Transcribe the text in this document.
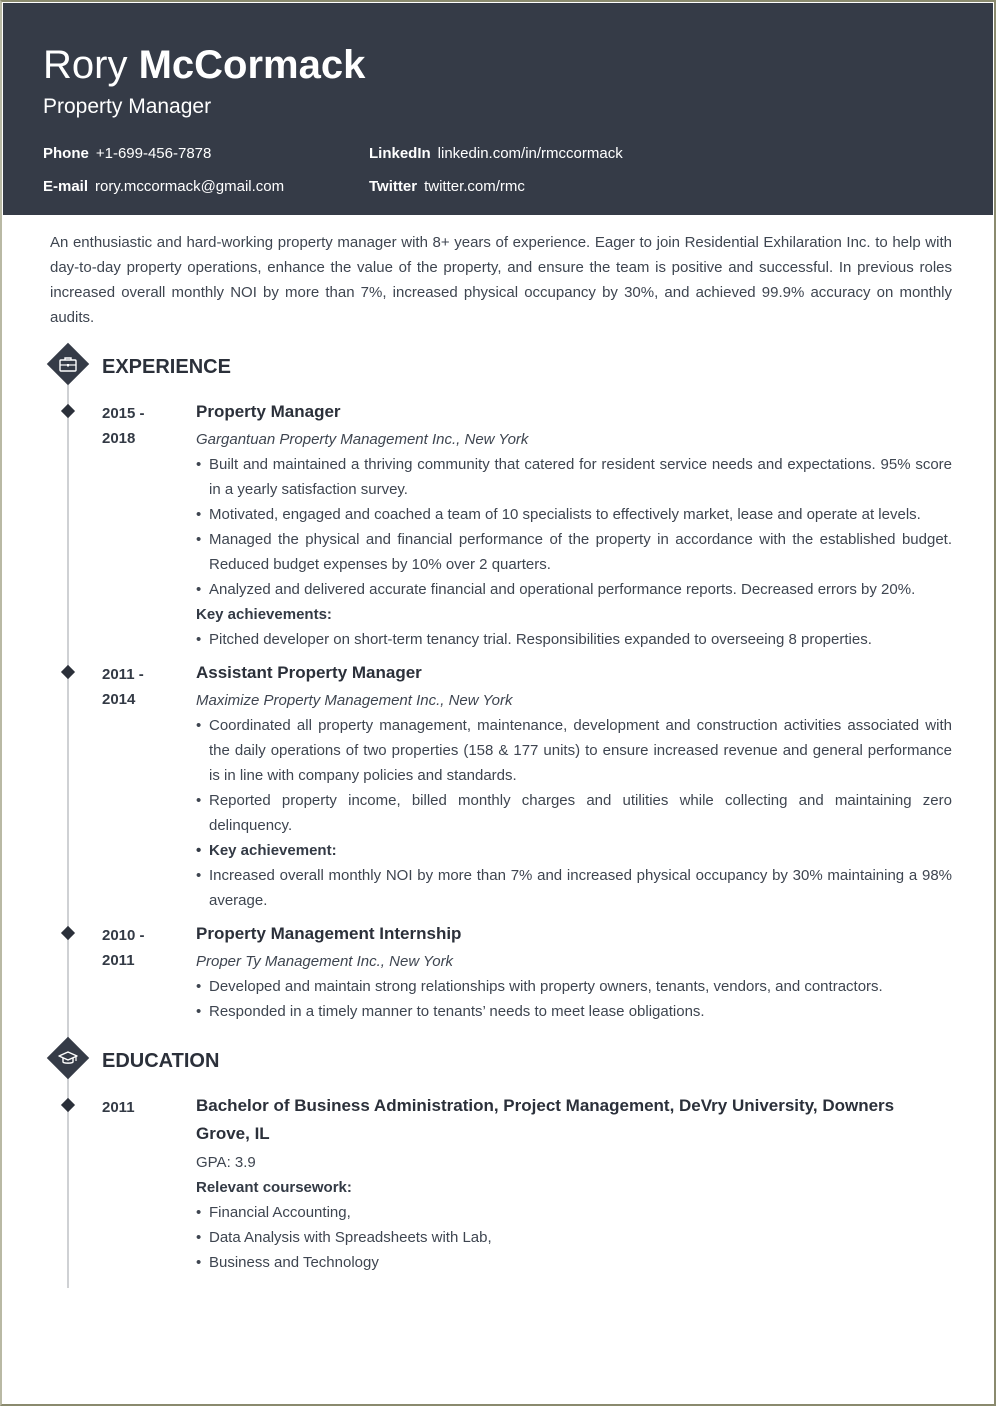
Rory McCormack
Property Manager
Phone +1-699-456-7878
E-mail rory.mccormack@gmail.com
LinkedIn linkedin.com/in/rmccormack
Twitter twitter.com/rmc

An enthusiastic and hard-working property manager with 8+ years of experience. Eager to join Residential Exhilaration Inc. to help with day-to-day property operations, enhance the value of the property, and ensure the team is positive and successful. In previous roles increased overall monthly NOI by more than 7%, increased physical occupancy by 30%, and achieved 99.9% accuracy on monthly audits.

EXPERIENCE
2015 -
2018
Property Manager
Gargantuan Property Management Inc., New York
• Built and maintained a thriving community that catered for resident service needs and expectations. 95% score in a yearly satisfaction survey.
• Motivated, engaged and coached a team of 10 specialists to effectively market, lease and operate at levels.
• Managed the physical and financial performance of the property in accordance with the established budget. Reduced budget expenses by 10% over 2 quarters.
• Analyzed and delivered accurate financial and operational performance reports. Decreased errors by 20%.
Key achievements:
• Pitched developer on short-term tenancy trial. Responsibilities expanded to overseeing 8 properties.
2011 -
2014
Assistant Property Manager
Maximize Property Management Inc., New York
• Coordinated all property management, maintenance, development and construction activities associated with the daily operations of two properties (158 & 177 units) to ensure increased revenue and general performance is in line with company policies and standards.
• Reported property income, billed monthly charges and utilities while collecting and maintaining zero delinquency.
• Key achievement:
• Increased overall monthly NOI by more than 7% and increased physical occupancy by 30% maintaining a 98% average.
2010 -
2011
Property Management Internship
Proper Ty Management Inc., New York
• Developed and maintain strong relationships with property owners, tenants, vendors, and contractors.
• Responded in a timely manner to tenants’ needs to meet lease obligations.
EDUCATION
2011	Bachelor of Business Administration, Project Management, DeVry University, Downers Grove, IL
GPA: 3.9
Relevant coursework:
• Financial Accounting,
• Data Analysis with Spreadsheets with Lab,
• Business and Technology
